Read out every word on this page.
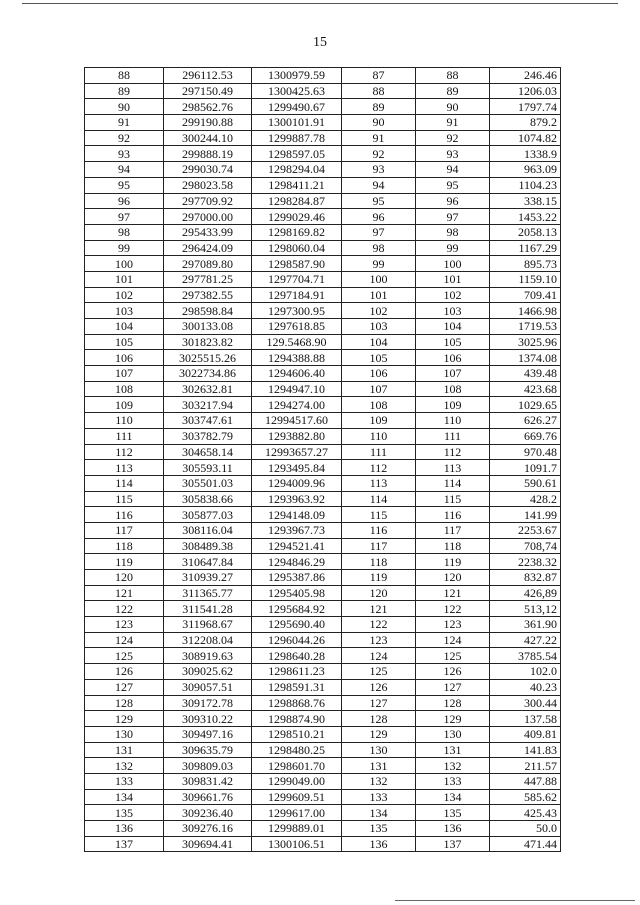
15
88	296112.53	1300979.59	87	88	246.46
89	297150.49	1300425.63	88	89	1206.03
90	298562.76	1299490.67	89	90	1797.74
91	299190.88	1300101.91	90	91	879.2
92	300244.10	1299887.78	91	92	1074.82
93	299888.19	1298597.05	92	93	1338.9
94	299030.74	1298294.04	93	94	963.09
95	298023.58	1298411.21	94	95	1104.23
96	297709.92	1298284.87	95	96	338.15
97	297000.00	1299029.46	96	97	1453.22
98	295433.99	1298169.82	97	98	2058.13
99	296424.09	1298060.04	98	99	1167.29
100	297089.80	1298587.90	99	100	895.73
101	297781.25	1297704.71	100	101	1159.10
102	297382.55	1297184.91	101	102	709.41
103	298598.84	1297300.95	102	103	1466.98
104	300133.08	1297618.85	103	104	1719.53
105	301823.82	129.5468.90	104	105	3025.96
106	3025515.26	1294388.88	105	106	1374.08
107	3022734.86	1294606.40	106	107	439.48
108	302632.81	1294947.10	107	108	423.68
109	303217.94	1294274.00	108	109	1029.65
110	303747.61	12994517.60	109	110	626.27
111	303782.79	1293882.80	110	111	669.76
112	304658.14	12993657.27	111	112	970.48
113	305593.11	1293495.84	112	113	1091.7
114	305501.03	1294009.96	113	114	590.61
115	305838.66	1293963.92	114	115	428.2
116	305877.03	1294148.09	115	116	141.99
117	308116.04	1293967.73	116	117	2253.67
118	308489.38	1294521.41	117	118	708,74
119	310647.84	1294846.29	118	119	2238.32
120	310939.27	1295387.86	119	120	832.87
121	311365.77	1295405.98	120	121	426,89
122	311541.28	1295684.92	121	122	513,12
123	311968.67	1295690.40	122	123	361.90
124	312208.04	1296044.26	123	124	427.22
125	308919.63	1298640.28	124	125	3785.54
126	309025.62	1298611.23	125	126	102.0
127	309057.51	1298591.31	126	127	40.23
128	309172.78	1298868.76	127	128	300.44
129	309310.22	1298874.90	128	129	137.58
130	309497.16	1298510.21	129	130	409.81
131	309635.79	1298480.25	130	131	141.83
132	309809.03	1298601.70	131	132	211.57
133	309831.42	1299049.00	132	133	447.88
134	309661.76	1299609.51	133	134	585.62
135	309236.40	1299617.00	134	135	425.43
136	309276.16	1299889.01	135	136	50.0
137	309694.41	1300106.51	136	137	471.44
